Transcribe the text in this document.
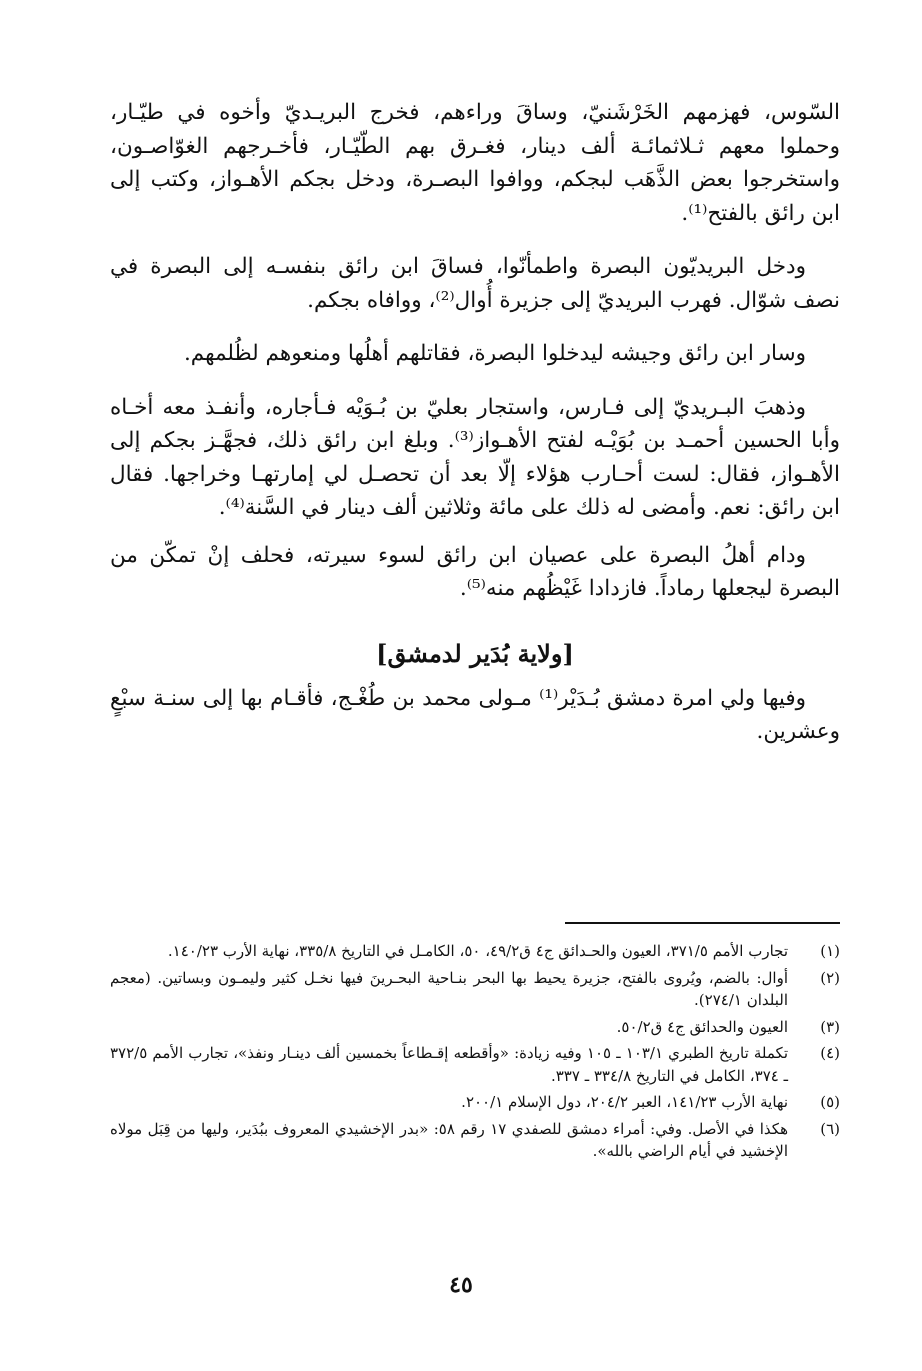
السّوس، فهزمهم الخَرْشَنيّ، وساقَ وراءهم، فخرج البريـديّ وأخوه في طيّـار، وحملوا معهم ثـلاثمائـة ألف دينار، فغـرق بهم الطّيّـار، فأخـرجهم الغوّاصـون، واستخرجوا بعض الذَّهَب لبجكم، ووافوا البصـرة، ودخل بجكم الأهـواز، وكتب إلى ابن رائق بالفتح⁽¹⁾.

ودخل البريديّون البصرة واطمأنّوا، فساقَ ابن رائق بنفسـه إلى البصرة في نصف شوّال. فهرب البريديّ إلى جزيرة أُوال⁽²⁾، ووافاه بجكم.

وسار ابن رائق وجيشه ليدخلوا البصرة، فقاتلهم أهلُها ومنعوهم لظُلمهم.

وذهبَ البـريديّ إلى فـارس، واستجار بعليّ بن بُـوَيْه فـأجاره، وأنفـذ معه أخـاه وأبا الحسين أحمـد بن بُوَيْـه لفتح الأهـواز⁽³⁾. وبلغ ابن رائق ذلك، فجهَّـز بجكم إلى الأهـواز، فقال: لست أحـارب هؤلاء إلّا بعد أن تحصـل لي إمارتهـا وخراجها. فقال ابن رائق: نعم. وأمضى له ذلك على مائة وثلاثين ألف دينار في السَّنة⁽⁴⁾.

ودام أهلُ البصرة على عصيان ابن رائق لسوء سيرته، فحلف إنْ تمكّن من البصرة ليجعلها رماداً. فازدادا غَيْظُهم منه⁽⁵⁾.

[ولاية بُدَير لدمشق]

وفيها ولي امرة دمشق بُـدَيْر⁽¹⁾ مـولى محمد بن طُغْـج، فأقـام بها إلى سنـة سبْعٍ وعشرين.

(١)
تجارب الأمم ٣٧١/٥، العيون والحـدائق ج٤ ق٤٩/٢، ٥٠، الكامـل في التاريخ ٣٣٥/٨، نهاية الأرب ١٤٠/٢٣.
(٢)
أوال: بالضم، ويُروى بالفتح، جزيرة يحيط بها البحر بنـاحية البحـرينَ فيها نخـل كثير وليمـون وبساتين. (معجم البلدان ٢٧٤/١).
(٣)
العيون والحدائق ج٤ ق٥٠/٢.
(٤)
تكملة تاريخ الطبري ١٠٣/١ ـ ١٠٥ وفيه زيادة: «وأقطعه إقـطاعاً بخمسين ألف دينـار ونفذ»، تجارب الأمم ٣٧٢/٥ ـ ٣٧٤، الكامل في التاريخ ٣٣٤/٨ ـ ٣٣٧.
(٥)
نهاية الأرب ١٤١/٢٣، العبر ٢٠٤/٢، دول الإسلام ٢٠٠/١.
(٦)
هكذا في الأصل. وفي: أمراء دمشق للصفدي ١٧ رقم ٥٨: «بدر الإخشيدي المعروف ببُدَير، وليها من قِبَل مولاه الإخشيد في أيام الراضي بالله».
٤٥
